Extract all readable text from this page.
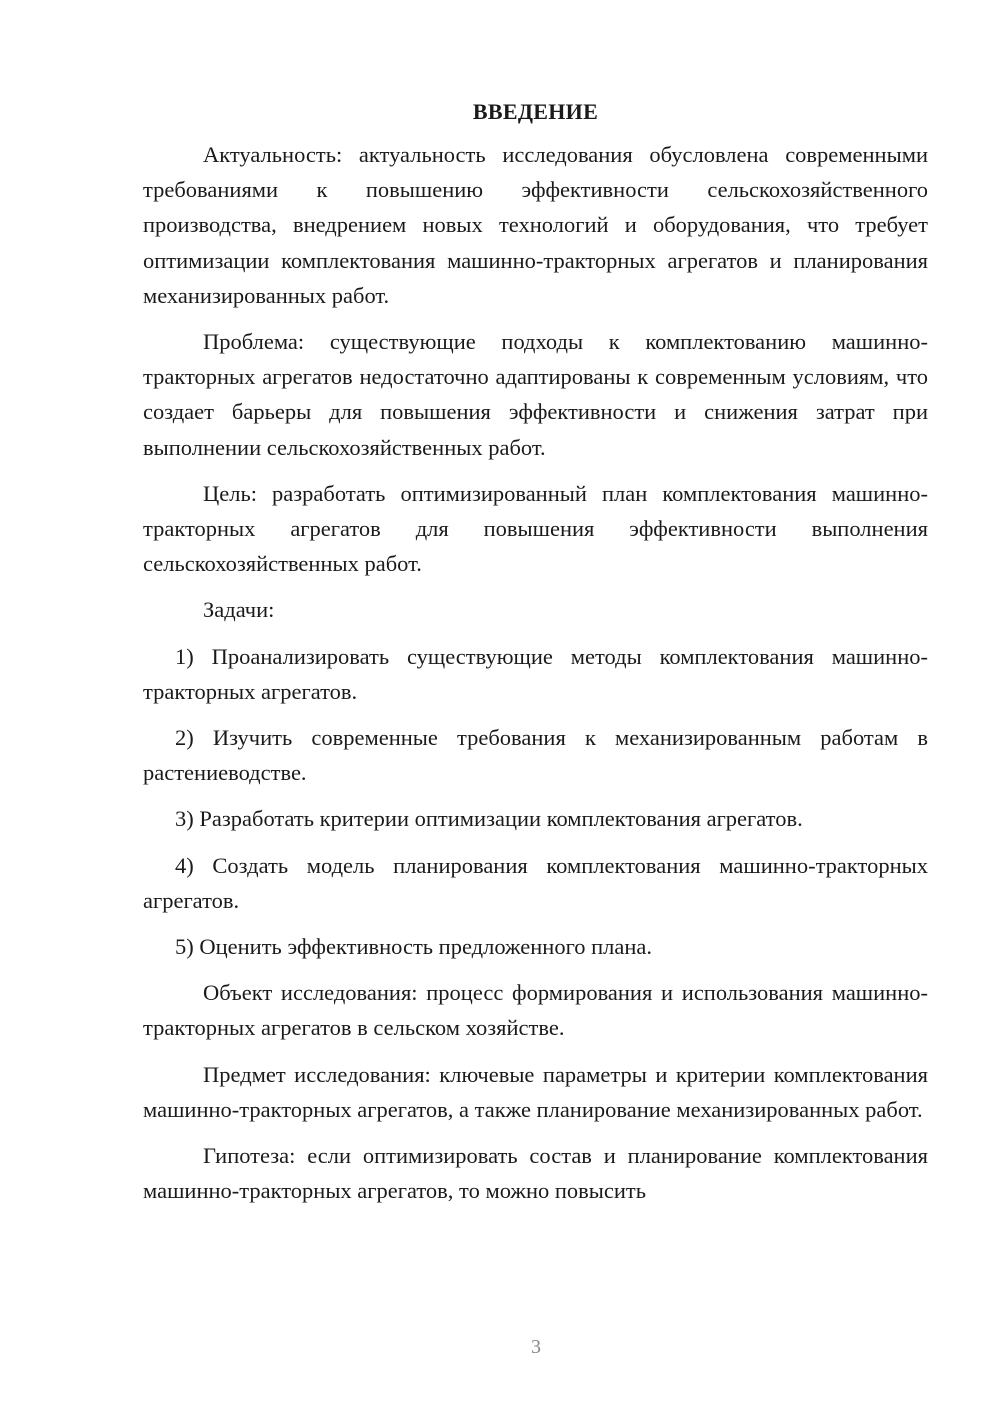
ВВЕДЕНИЕ

Актуальность: актуальность исследования обусловлена современными требованиями к повышению эффективности сельскохозяйственного производства, внедрением новых технологий и оборудования, что требует оптимизации комплектования машинно-тракторных агрегатов и планирования механизированных работ.

Проблема: существующие подходы к комплектованию машинно-тракторных агрегатов недостаточно адаптированы к современным условиям, что создает барьеры для повышения эффективности и снижения затрат при выполнении сельскохозяйственных работ.

Цель: разработать оптимизированный план комплектования машинно-тракторных агрегатов для повышения эффективности выполнения сельскохозяйственных работ.

Задачи:

1) Проанализировать существующие методы комплектования машинно-тракторных агрегатов.

2) Изучить современные требования к механизированным работам в растениеводстве.

3) Разработать критерии оптимизации комплектования агрегатов.

4) Создать модель планирования комплектования машинно-тракторных агрегатов.

5) Оценить эффективность предложенного плана.

Объект исследования: процесс формирования и использования машинно-тракторных агрегатов в сельском хозяйстве.

Предмет исследования: ключевые параметры и критерии комплектования машинно-тракторных агрегатов, а также планирование механизированных работ.

Гипотеза: если оптимизировать состав и планирование комплектования машинно-тракторных агрегатов, то можно повысить

3
